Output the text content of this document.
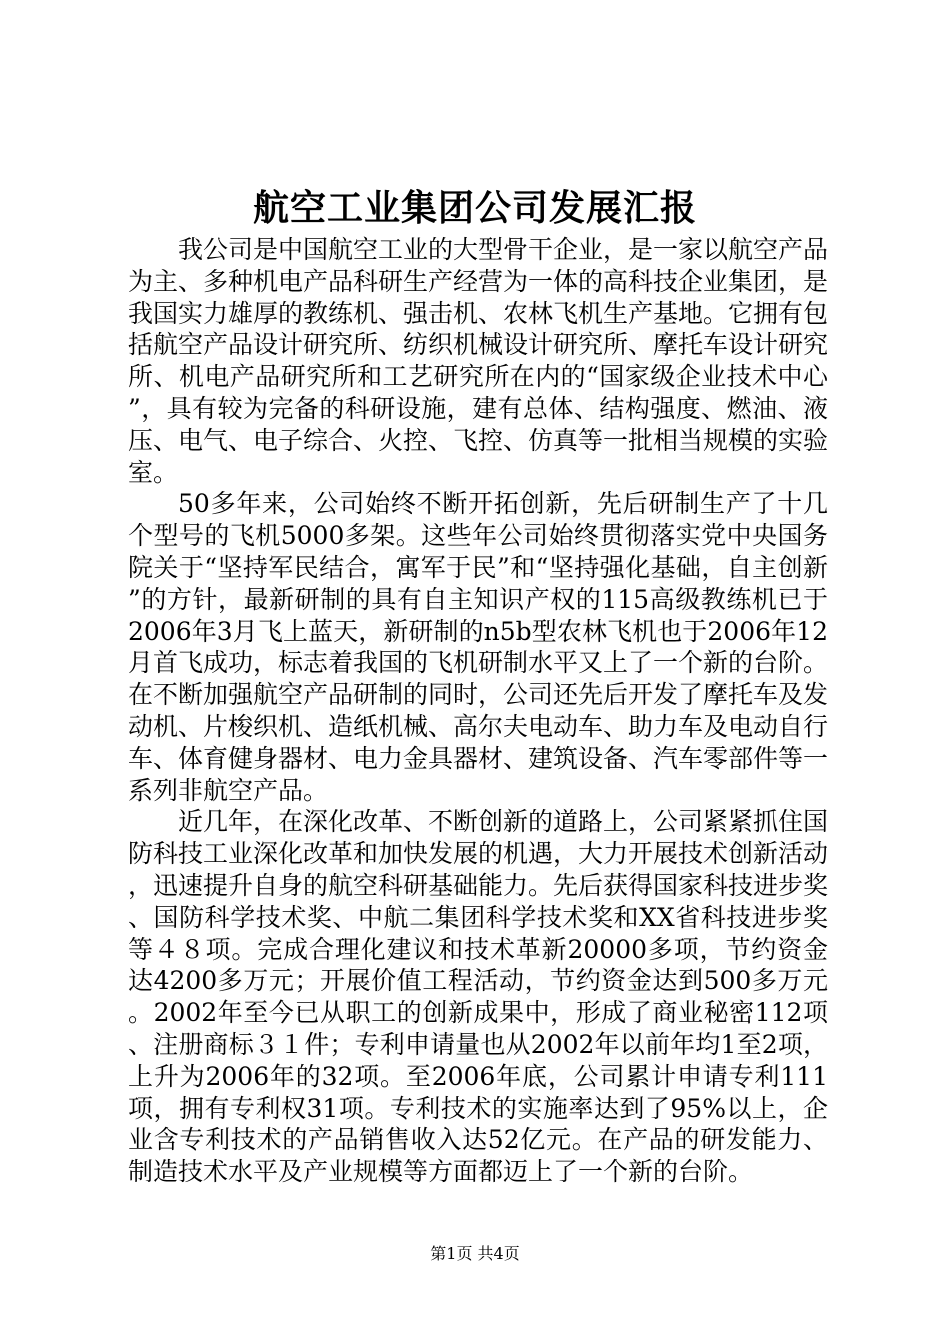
航空工业集团公司发展汇报

我公司是中国航空工业的大型骨干企业，是一家以航空产品为主、多种机电产品科研生产经营为一体的高科技企业集团，是我国实力雄厚的教练机、强击机、农林飞机生产基地。它拥有包括航空产品设计研究所、纺织机械设计研究所、摩托车设计研究所、机电产品研究所和工艺研究所在内的“国家级企业技术中心”，具有较为完备的科研设施，建有总体、结构强度、燃油、液压、电气、电子综合、火控、飞控、仿真等一批相当规模的实验室。

50多年来，公司始终不断开拓创新，先后研制生产了十几个型号的飞机5000多架。这些年公司始终贯彻落实党中央国务院关于“坚持军民结合，寓军于民”和“坚持强化基础，自主创新”的方针，最新研制的具有自主知识产权的115高级教练机已于2006年3月飞上蓝天，新研制的n5b型农林飞机也于2006年12月首飞成功，标志着我国的飞机研制水平又上了一个新的台阶。在不断加强航空产品研制的同时，公司还先后开发了摩托车及发动机、片梭织机、造纸机械、高尔夫电动车、助力车及电动自行车、体育健身器材、电力金具器材、建筑设备、汽车零部件等一系列非航空产品。

近几年，在深化改革、不断创新的道路上，公司紧紧抓住国防科技工业深化改革和加快发展的机遇，大力开展技术创新活动，迅速提升自身的航空科研基础能力。先后获得国家科技进步奖、国防科学技术奖、中航二集团科学技术奖和XX省科技进步奖等４８项。完成合理化建议和技术革新20000多项，节约资金达4200多万元；开展价值工程活动，节约资金达到500多万元。2002年至今已从职工的创新成果中，形成了商业秘密112项、注册商标３１件；专利申请量也从2002年以前年均1至2项，上升为2006年的32项。至2006年底，公司累计申请专利111项，拥有专利权31项。专利技术的实施率达到了95%以上，企业含专利技术的产品销售收入达52亿元。在产品的研发能力、制造技术水平及产业规模等方面都迈上了一个新的台阶。

第1页 共4页
